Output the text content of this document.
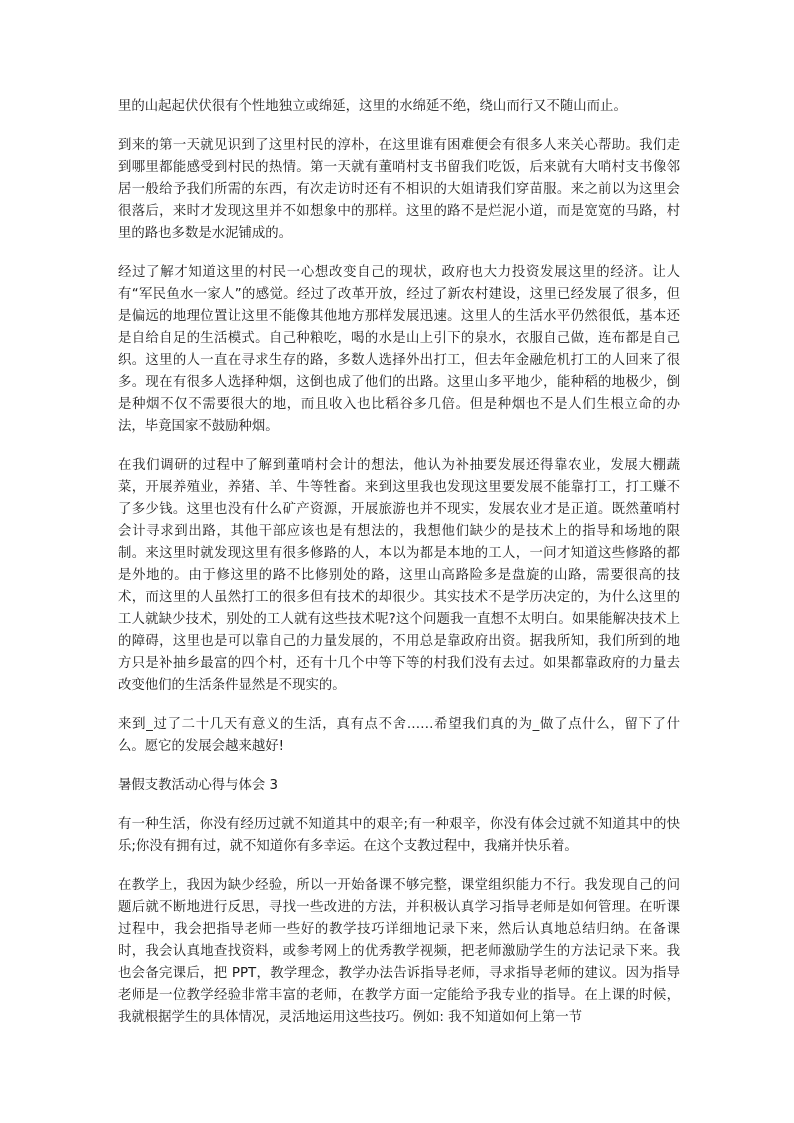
里的山起起伏伏很有个性地独立或绵延，这里的水绵延不绝，绕山而行又不随山而止。

到来的第一天就见识到了这里村民的淳朴，在这里谁有困难便会有很多人来关心帮助。我们走到哪里都能感受到村民的热情。第一天就有董哨村支书留我们吃饭，后来就有大哨村支书像邻居一般给予我们所需的东西，有次走访时还有不相识的大姐请我们穿苗服。来之前以为这里会很落后，来时才发现这里并不如想象中的那样。这里的路不是烂泥小道，而是宽宽的马路，村里的路也多数是水泥铺成的。

经过了解才知道这里的村民一心想改变自己的现状，政府也大力投资发展这里的经济。让人有“军民鱼水一家人”的感觉。经过了改革开放，经过了新农村建设，这里已经发展了很多，但是偏远的地理位置让这里不能像其他地方那样发展迅速。这里人的生活水平仍然很低，基本还是自给自足的生活模式。自己种粮吃，喝的水是山上引下的泉水，衣服自己做，连布都是自己织。这里的人一直在寻求生存的路，多数人选择外出打工，但去年金融危机打工的人回来了很多。现在有很多人选择种烟，这倒也成了他们的出路。这里山多平地少，能种稻的地极少，倒是种烟不仅不需要很大的地，而且收入也比稻谷多几倍。但是种烟也不是人们生根立命的办法，毕竟国家不鼓励种烟。

在我们调研的过程中了解到董哨村会计的想法，他认为补抽要发展还得靠农业，发展大棚蔬菜，开展养殖业，养猪、羊、牛等牲畜。来到这里我也发现这里要发展不能靠打工，打工赚不了多少钱。这里也没有什么矿产资源，开展旅游也并不现实，发展农业才是正道。既然董哨村会计寻求到出路，其他干部应该也是有想法的，我想他们缺少的是技术上的指导和场地的限制。来这里时就发现这里有很多修路的人，本以为都是本地的工人，一问才知道这些修路的都是外地的。由于修这里的路不比修别处的路，这里山高路险多是盘旋的山路，需要很高的技术，而这里的人虽然打工的很多但有技术的却很少。其实技术不是学历决定的，为什么这里的工人就缺少技术，别处的工人就有这些技术呢?这个问题我一直想不太明白。如果能解决技术上的障碍，这里也是可以靠自己的力量发展的，不用总是靠政府出资。据我所知，我们所到的地方只是补抽乡最富的四个村，还有十几个中等下等的村我们没有去过。如果都靠政府的力量去改变他们的生活条件显然是不现实的。

来到_过了二十几天有意义的生活，真有点不舍……希望我们真的为_做了点什么，留下了什么。愿它的发展会越来越好!

暑假支教活动心得与体会 3

有一种生活，你没有经历过就不知道其中的艰辛;有一种艰辛，你没有体会过就不知道其中的快乐;你没有拥有过，就不知道你有多幸运。在这个支教过程中，我痛并快乐着。

在教学上，我因为缺少经验，所以一开始备课不够完整，课堂组织能力不行。我发现自己的问题后就不断地进行反思，寻找一些改进的方法，并积极认真学习指导老师是如何管理。在听课过程中，我会把指导老师一些好的教学技巧详细地记录下来，然后认真地总结归纳。在备课时，我会认真地查找资料，或参考网上的优秀教学视频，把老师激励学生的方法记录下来。我也会备完课后，把 PPT，教学理念，教学办法告诉指导老师，寻求指导老师的建议。因为指导老师是一位教学经验非常丰富的老师，在教学方面一定能给予我专业的指导。在上课的时候，我就根据学生的具体情况，灵活地运用这些技巧。例如: 我不知道如何上第一节
